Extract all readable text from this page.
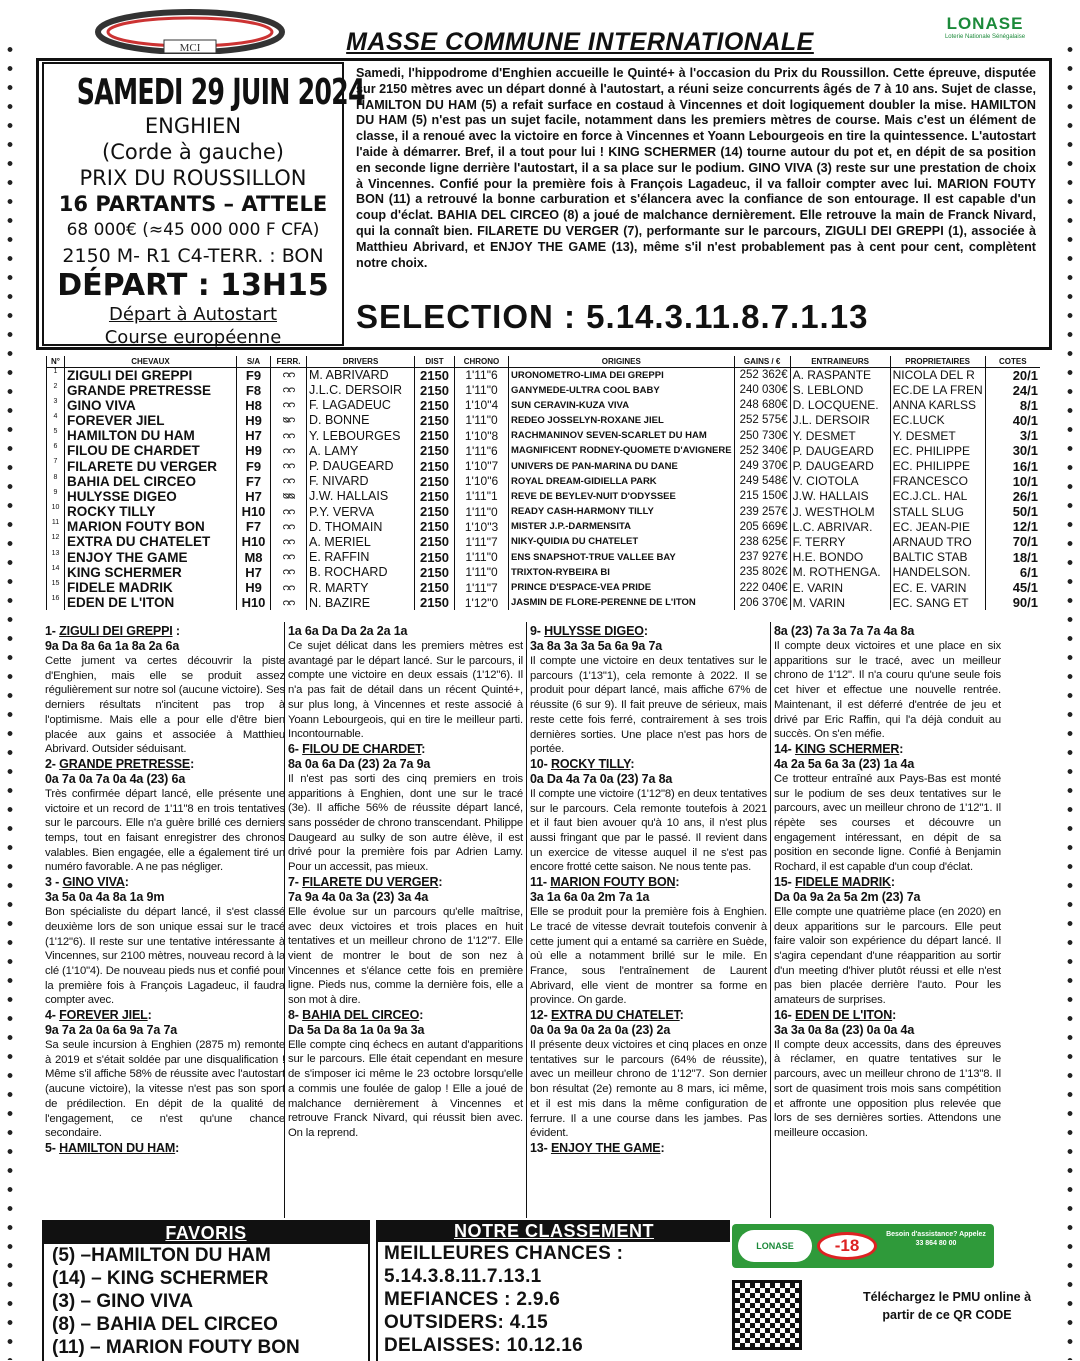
MCI	MASSE COMMUNE INTERNATIONALE
LONASE
Loterie Nationale Sénégalaise
SAMEDI 29 JUIN 2024
ENGHIEN
(Corde à gauche)
PRIX DU ROUSSILLON
16 PARTANTS – ATTELE
68 000€ (≈45 000 000 F CFA)
2150 M- R1 C4-TERR. : BON
DÉPART : 13H15
Départ à Autostart
Course européenne
Samedi, l'hippodrome d'Enghien accueille le Quinté+ à l'occasion du Prix du Roussillon. Cette épreuve, disputée sur 2150 mètres avec un départ donné à l'autostart, a réuni seize concurrents âgés de 7 à 10 ans. Sujet de classe, HAMILTON DU HAM (5) a refait surface en costaud à Vincennes et doit logiquement doubler la mise. HAMILTON DU HAM (5) n'est pas un sujet facile, notamment dans les premiers mètres de course. Mais c'est un élément de classe, il a renoué avec la victoire en force à Vincennes et Yoann Lebourgeois en tire la quintessence. L'autostart l'aide à démarrer. Bref, il a tout pour lui ! KING SCHERMER (14) tourne autour du pot et, en dépit de sa position en seconde ligne derrière l'autostart, il a sa place sur le podium. GINO VIVA (3) reste sur une prestation de choix à Vincennes. Confié pour la première fois à François Lagadeuc, il va falloir compter avec lui. MARION FOUTY BON (11) a retrouvé la bonne carburation et s'élancera avec la confiance de son entourage. Il est capable d'un coup d'éclat. BAHIA DEL CIRCEO (8) a joué de malchance dernièrement. Elle retrouve la main de Franck Nivard, qui la connaît bien. FILARETE DU VERGER (7), performante sur le parcours, ZIGULI DEI GREPPI (1), associée à Matthieu Abrivard, et ENJOY THE GAME (13), même s'il n'est probablement pas à cent pour cent, complètent notre choix.
SELECTION : 5.14.3.11.8.7.1.13
N°	CHEVAUX	S/A	FERR.	DRIVERS	DIST	CHRONO	ORIGINES	GAINS / €	ENTRAINEURS	PROPRIETAIRES	COTES
1	ZIGULI DEI GREPPI	F9	ᴒᴒ	M. ABRIVARD	2150	1'11"6	URONOMETRO-LIMA DEI GREPPI	252 362€	A. RASPANTE	NICOLA DEL R	20/1
2	GRANDE PRETRESSE	F8	ᴒᴒ	J.L.C. DERSOIR	2150	1'11"0	GANYMEDE-ULTRA COOL BABY	240 030€	S. LEBLOND	EC.DE LA FREN	24/1
3	GINO VIVA	H8	ᴒᴒ	F. LAGADEUC	2150	1'10"4	SUN CERAVIN-KUZA VIVA	248 680€	D. LOCQUENE.	ANNA KARLSS	8/1
4	FOREVER JIEL	H9	ᴓᴒ	D. BONNE	2150	1'11"0	REDEO JOSSELYN-ROXANE JIEL	252 575€	J.L. DERSOIR	EC.LUCK	40/1
5	HAMILTON DU HAM	H7	ᴒᴒ	Y. LEBOURGES	2150	1'10"8	RACHMANINOV SEVEN-SCARLET DU HAM	250 730€	Y. DESMET	Y. DESMET	3/1
6	FILOU DE CHARDET	H9	ᴒᴒ	A. LAMY	2150	1'11"6	MAGNIFICENT RODNEY-QUOMETE D'AVIGNERE	252 340€	P. DAUGEARD	EC. PHILIPPE	30/1
7	FILARETE DU VERGER	F9	ᴒᴒ	P. DAUGEARD	2150	1'10"7	UNIVERS DE PAN-MARINA DU DANE	249 370€	P. DAUGEARD	EC. PHILIPPE	16/1
8	BAHIA DEL CIRCEO	F7	ᴒᴒ	F. NIVARD	2150	1'10"6	ROYAL DREAM-GIDIELLA PARK	249 548€	V. CIOTOLA	FRANCESCO	10/1
9	HULYSSE DIGEO	H7	ᴓᴓ	J.W. HALLAIS	2150	1'11"1	REVE DE BEYLEV-NUIT D'ODYSSEE	215 150€	J.W. HALLAIS	EC.J.CL. HAL	26/1
10	ROCKY TILLY	H10	ᴒᴒ	P.Y. VERVA	2150	1'11"0	READY CASH-HARMONY TILLY	239 257€	J. WESTHOLM	STALL SLUG	50/1
11	MARION FOUTY BON	F7	ᴒᴒ	D. THOMAIN	2150	1'10"3	MISTER J.P.-DARMENSITA	205 669€	L.C. ABRIVAR.	EC. JEAN-PIE	12/1
12	EXTRA DU CHATELET	H10	ᴒᴒ	A. MERIEL	2150	1'11"7	NIKY-QUIDIA DU CHATELET	238 625€	F. TERRY	ARNAUD TRO	70/1
13	ENJOY THE GAME	M8	ᴒᴒ	E. RAFFIN	2150	1'11"0	ENS SNAPSHOT-TRUE VALLEE BAY	237 927€	H.E. BONDO	BALTIC STAB	18/1
14	KING SCHERMER	H7	ᴒᴒ	B. ROCHARD	2150	1'11"0	TRIXTON-RYBEIRA BI	235 802€	M. ROTHENGA.	HANDELSON.	6/1
15	FIDELE MADRIK	H9	ᴒᴒ	R. MARTY	2150	1'11"7	PRINCE D'ESPACE-VEA PRIDE	222 040€	E. VARIN	EC. E. VARIN	45/1
16	EDEN DE L'ITON	H10	ᴒᴒ	N. BAZIRE	2150	1'12"0	JASMIN DE FLORE-PERENNE DE L'ITON	206 370€	M. VARIN	EC. SANG ET	90/1
1- ZIGULI DEI GREPPI :
9a Da 8a 6a 1a 8a 2a 6a
Cette jument va certes découvrir la piste d'Enghien, mais elle se produit assez régulièrement sur notre sol (aucune victoire). Ses derniers résultats n'incitent pas trop à l'optimisme. Mais elle a pour elle d'être bien placée aux gains et associée à Matthieu Abrivard. Outsider séduisant.
2- GRANDE PRETRESSE:
0a 7a 0a 7a 0a 4a (23) 6a
Très confirmée départ lancé, elle présente une victoire et un record de 1'11"8 en trois tentatives sur le parcours. Elle n'a guère brillé ces derniers temps, tout en faisant enregistrer des chronos valables. Bien engagée, elle a également tiré un numéro favorable. A ne pas négliger.
3 - GINO VIVA:
3a 5a 0a 4a 8a 1a 9m
Bon spécialiste du départ lancé, il s'est classé deuxième lors de son unique essai sur le tracé (1'12"6). Il reste sur une tentative intéressante à Vincennes, sur 2100 mètres, nouveau record à la clé (1'10"4). De nouveau pieds nus et confié pour la première fois à François Lagadeuc, il faudra compter avec.
4- FOREVER JIEL:
9a 7a 2a 0a 6a 9a 7a 7a
Sa seule incursion à Enghien (2875 m) remonte à 2019 et s'était soldée par une disqualification ! Même s'il affiche 58% de réussite avec l'autostart (aucune victoire), la vitesse n'est pas son sport de prédilection. En dépit de la qualité de l'engagement, ce n'est qu'une chance secondaire.
5- HAMILTON DU HAM:
1a 6a Da Da 2a 2a 1a
Ce sujet délicat dans les premiers mètres est avantagé par le départ lancé. Sur le parcours, il compte une victoire en deux essais (1'12"6). Il n'a pas fait de détail dans un récent Quinté+, sur plus long, à Vincennes et reste associé à Yoann Lebourgeois, qui en tire le meilleur parti. Incontournable.
6- FILOU DE CHARDET:
8a 0a 6a Da (23) 2a 7a 9a
Il n'est pas sorti des cinq premiers en trois apparitions à Enghien, dont une sur le tracé (3e). Il affiche 56% de réussite départ lancé, sans posséder de chrono transcendant. Philippe Daugeard au sulky de son autre élève, il est drivé pour la première fois par Adrien Lamy. Pour un accessit, pas mieux.
7- FILARETE DU VERGER:
7a 9a 4a 0a 3a (23) 3a 4a
Elle évolue sur un parcours qu'elle maîtrise, avec deux victoires et trois places en huit tentatives et un meilleur chrono de 1'12"7. Elle vient de montrer le bout de son nez à Vincennes et s'élance cette fois en première ligne. Pieds nus, comme la dernière fois, elle a son mot à dire.
8- BAHIA DEL CIRCEO:
Da 5a Da 8a 1a 0a 9a 3a
Elle compte cinq échecs en autant d'apparitions sur le parcours. Elle était cependant en mesure de s'imposer ici même le 23 octobre lorsqu'elle a commis une foulée de galop ! Elle a joué de malchance dernièrement à Vincennes et retrouve Franck Nivard, qui réussit bien avec. On la reprend.
9- HULYSSE DIGEO:
3a 8a 3a 3a 5a 6a 9a 7a
Il compte une victoire en deux tentatives sur le parcours (1'13"1), cela remonte à 2022. Il se produit pour départ lancé, mais affiche 67% de réussite (6 sur 9). Il fait preuve de sérieux, mais reste cette fois ferré, contrairement à ses trois dernières sorties. Une place n'est pas hors de portée.
10- ROCKY TILLY:
0a Da 4a 7a 0a (23) 7a 8a
Il compte une victoire (1'12"8) en deux tentatives sur le parcours. Cela remonte toutefois à 2021 et il faut bien avouer qu'à 10 ans, il n'est plus aussi fringant que par le passé. Il revient dans un exercice de vitesse auquel il ne s'est pas encore frotté cette saison. Ne nous tente pas.
11- MARION FOUTY BON:
3a 1a 6a 0a 2m 7a 1a
Elle se produit pour la première fois à Enghien. Le tracé de vitesse devrait toutefois convenir à cette jument qui a entamé sa carrière en Suède, où elle a notamment brillé sur le mile. En France, sous l'entraînement de Laurent Abrivard, elle vient de montrer sa forme en province. On garde.
12- EXTRA DU CHATELET:
0a 0a 9a 0a 2a 0a (23) 2a
Il présente deux victoires et cinq places en onze tentatives sur le parcours (64% de réussite), avec un meilleur chrono de 1'12"7. Son dernier bon résultat (2e) remonte au 8 mars, ici même, et il est mis dans la même configuration de ferrure. Il a une course dans les jambes. Pas évident.
13- ENJOY THE GAME:
8a (23) 7a 3a 7a 7a 4a 8a
Il compte deux victoires et une place en six apparitions sur le tracé, avec un meilleur chrono de 1'12". Il n'a couru qu'une seule fois cet hiver et effectue une nouvelle rentrée. Maintenant, il est déferré d'entrée de jeu et drivé par Eric Raffin, qui l'a déjà conduit au succès. On s'en méfie.
14- KING SCHERMER:
4a 2a 5a 6a 3a (23) 1a 4a
Ce trotteur entraîné aux Pays-Bas est monté sur le podium de ses deux tentatives sur le parcours, avec un meilleur chrono de 1'12"1. Il répète ses courses et découvre un engagement intéressant, en dépit de sa position en seconde ligne. Confié à Benjamin Rochard, il est capable d'un coup d'éclat.
15- FIDELE MADRIK:
Da 0a 9a 2a 5a 2m (23) 7a
Elle compte une quatrième place (en 2020) en deux apparitions sur le parcours. Elle peut faire valoir son expérience du départ lancé. Il s'agira cependant d'une réapparition au sortir d'un meeting d'hiver plutôt réussi et elle n'est pas bien placée derrière l'auto. Pour les amateurs de surprises.
16- EDEN DE L'ITON:
3a 3a 0a 8a (23) 0a 0a 4a
Il compte deux accessits, dans des épreuves à réclamer, en quatre tentatives sur le parcours, avec un meilleur chrono de 1'13"8. Il sort de quasiment trois mois sans compétition et affronte une opposition plus relevée que lors de ses dernières sorties. Attendons une meilleure occasion.
FAVORIS
(5) –HAMILTON DU HAM
(14) – KING SCHERMER
(3) – GINO VIVA
(8) – BAHIA DEL CIRCEO
(11) – MARION FOUTY BON
NOTRE CLASSEMENT
MEILLEURES CHANCES :
5.14.3.8.11.7.13.1
MEFIANCES : 2.9.6
OUTSIDERS: 4.15
DELAISSES: 10.12.16
LONASE	-18
Besoin d'assistance? Appelez 33 864 80 00
Téléchargez le PMU online à partir de ce QR CODE
